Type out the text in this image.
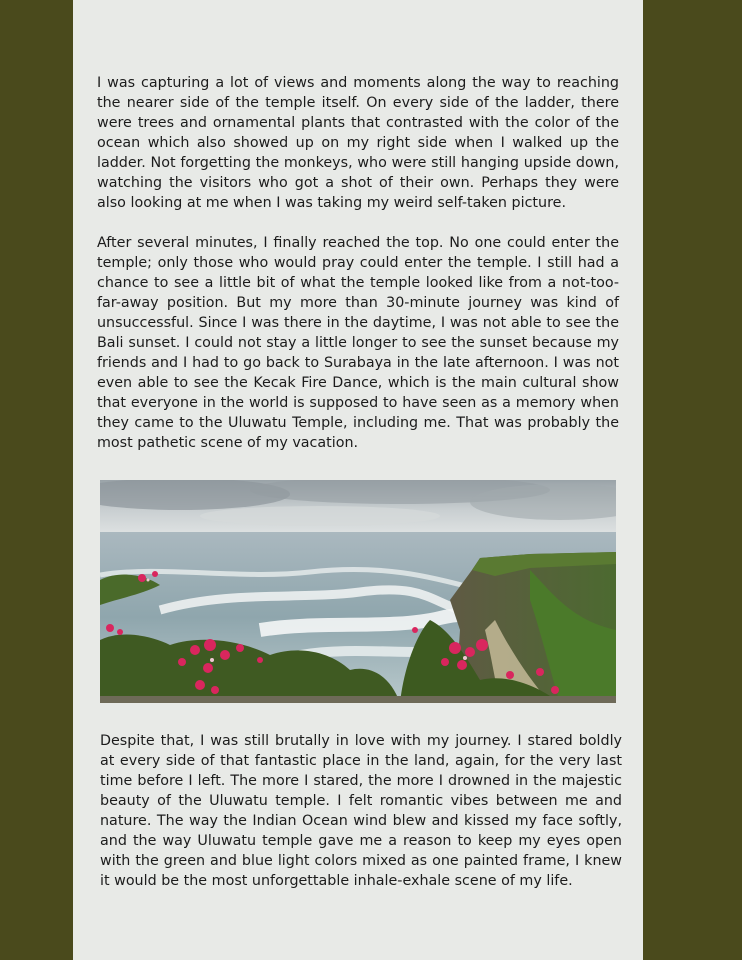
I was capturing a lot of views and moments along the way to reaching the nearer side of the temple itself. On every side of the ladder, there were trees and ornamental plants that contrasted with the color of the ocean which also showed up on my right side when I walked up the ladder. Not forgetting the monkeys, who were still hanging upside down, watching the visitors who got a shot of their own. Perhaps they were also looking at me when I was taking my weird self-taken picture.

After several minutes, I finally reached the top. No one could enter the temple; only those who would pray could enter the temple. I still had a chance to see a little bit of what the temple looked like from a not-too-far-away position. But my more than 30-minute journey was kind of unsuccessful. Since I was there in the daytime, I was not able to see the Bali sunset. I could not stay a little longer to see the sunset because my friends and I had to go back to Surabaya in the late afternoon. I was not even able to see the Kecak Fire Dance, which is the main cultural show that everyone in the world is supposed to have seen as a memory when they came to the Uluwatu Temple, including me. That was probably the most pathetic scene of my vacation.

Despite that, I was still brutally in love with my journey. I stared boldly at every side of that fantastic place in the land, again, for the very last time before I left. The more I stared, the more I drowned in the majestic beauty of the Uluwatu temple. I felt romantic vibes between me and nature. The way the Indian Ocean wind blew and kissed my face softly, and the way Uluwatu temple gave me a reason to keep my eyes open with the green and blue light colors mixed as one painted frame, I knew it would be the most unforgettable inhale-exhale scene of my life.
